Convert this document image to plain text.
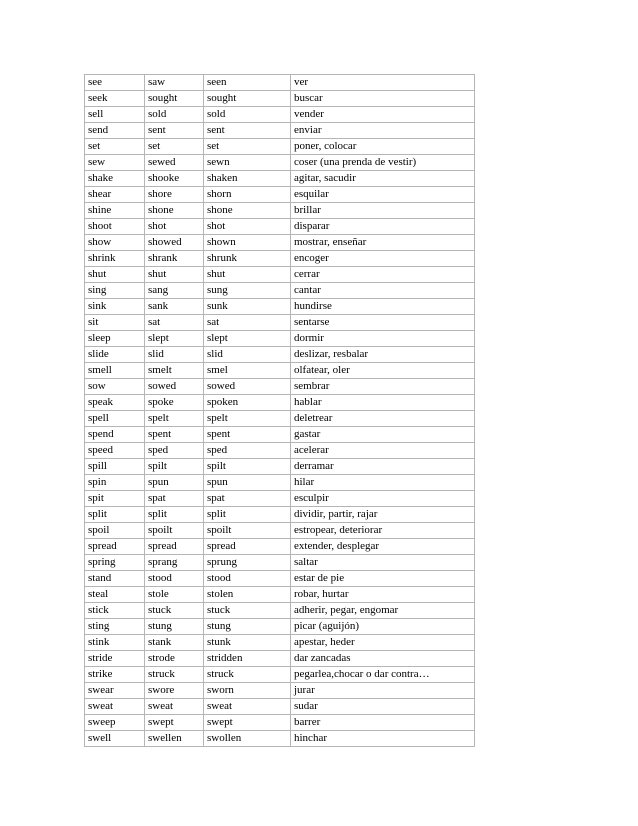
see	saw	seen	ver
seek	sought	sought	buscar
sell	sold	sold	vender
send	sent	sent	enviar
set	set	set	poner, colocar
sew	sewed	sewn	coser (una prenda de vestir)
shake	shooke	shaken	agitar, sacudir
shear	shore	shorn	esquilar
shine	shone	shone	brillar
shoot	shot	shot	disparar
show	showed	shown	mostrar, enseñar
shrink	shrank	shrunk	encoger
shut	shut	shut	cerrar
sing	sang	sung	cantar
sink	sank	sunk	hundirse
sit	sat	sat	sentarse
sleep	slept	slept	dormir
slide	slid	slid	deslizar, resbalar
smell	smelt	smel	olfatear, oler
sow	sowed	sowed	sembrar
speak	spoke	spoken	hablar
spell	spelt	spelt	deletrear
spend	spent	spent	gastar
speed	sped	sped	acelerar
spill	spilt	spilt	derramar
spin	spun	spun	hilar
spit	spat	spat	esculpir
split	split	split	dividir, partir, rajar
spoil	spoilt	spoilt	estropear, deteriorar
spread	spread	spread	extender, desplegar
spring	sprang	sprung	saltar
stand	stood	stood	estar de pie
steal	stole	stolen	robar, hurtar
stick	stuck	stuck	adherir, pegar, engomar
sting	stung	stung	picar (aguijón)
stink	stank	stunk	apestar, heder
stride	strode	stridden	dar zancadas
strike	struck	struck	pegarlea,chocar o dar contra…
swear	swore	sworn	jurar
sweat	sweat	sweat	sudar
sweep	swept	swept	barrer
swell	swellen	swollen	hinchar
